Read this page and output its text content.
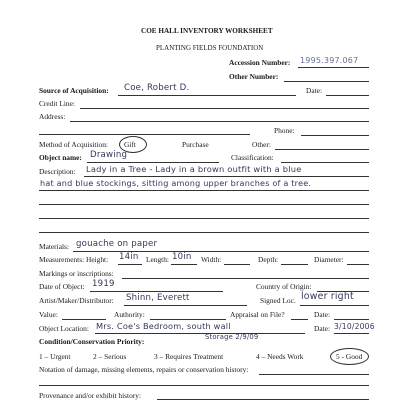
COE HALL INVENTORY WORKSHEET
PLANTING FIELDS FOUNDATION
Accession Number: 1995.397.067
Other Number:
Source of Acquisition: Coe, Robert D.	Date:
Credit Line:
Address:
Phone:
Method of Acquisition: Gift	Purchase	Other:
Object name: Drawing	Classification:
Description: Lady in a Tree - Lady in a brown outfit with a blue
hat and blue stockings, sitting among upper branches of a tree.
Materials: gouache on paper
Measurements: Height: 14in Length: 10in Width:	Depth:	Diameter:
Markings or inscriptions:
Date of Object: 1919	Country of Origin:
Artist/Maker/Distributor: Shinn, Everett	Signed Loc. lower right
Value:	Authority:	Appraisal on File?	Date:
Object Location: Mrs. Coe's Bedroom, south wall
Storage 2/9/09
Date: 3/10/2006
Condition/Conservation Priority:
1 – Urgent	2 – Serious	3 – Requires Treatment	4 – Needs Work	5 - Good
Notation of damage, missing elements, repairs or conservation history:
Provenance and/or exhibit history:
